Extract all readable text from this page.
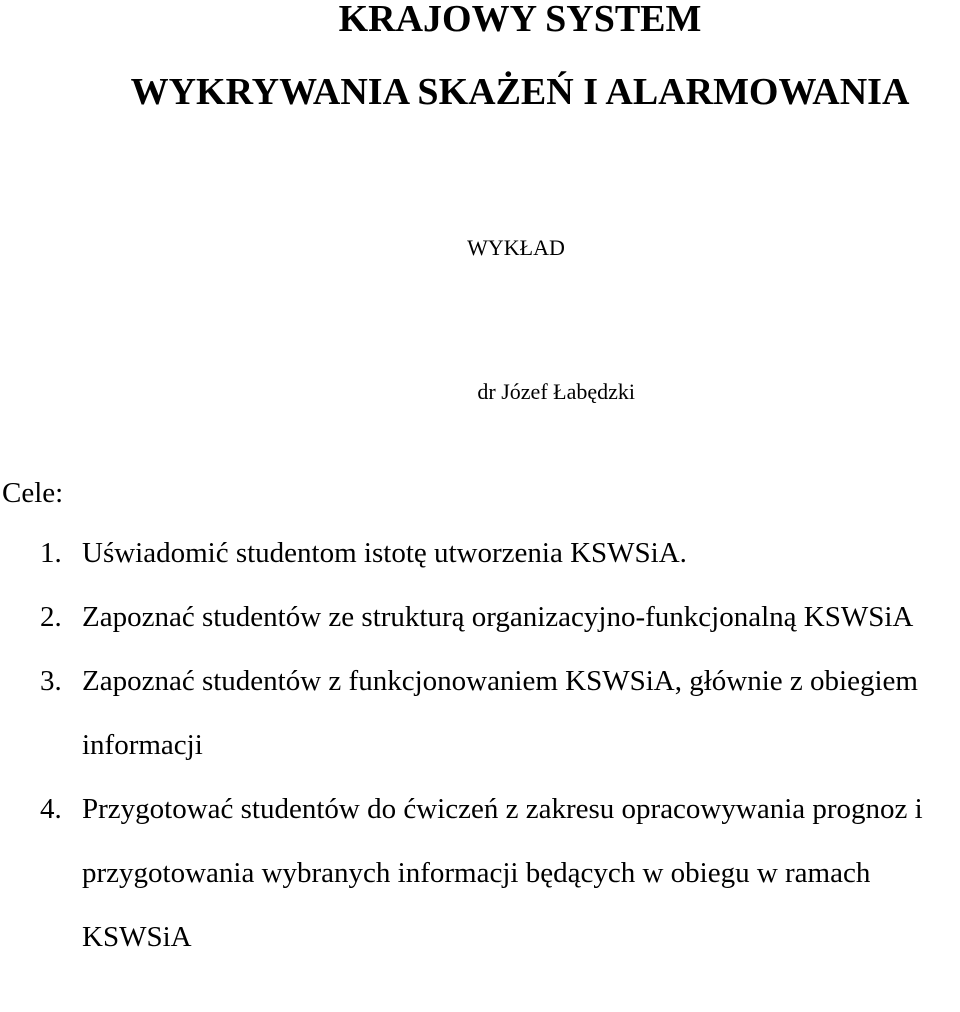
KRAJOWY SYSTEM
WYKRYWANIA SKAŻEŃ I ALARMOWANIA
WYKŁAD
dr Józef Łabędzki
Cele:
1. Uświadomić studentom istotę utworzenia KSWSiA.
2. Zapoznać studentów ze strukturą organizacyjno-funkcjonalną KSWSiA
3. Zapoznać studentów z funkcjonowaniem KSWSiA, głównie z obiegiem informacji
4. Przygotować studentów do ćwiczeń z zakresu opracowywania prognoz i przygotowania wybranych informacji będących w obiegu w ramach KSWSiA
